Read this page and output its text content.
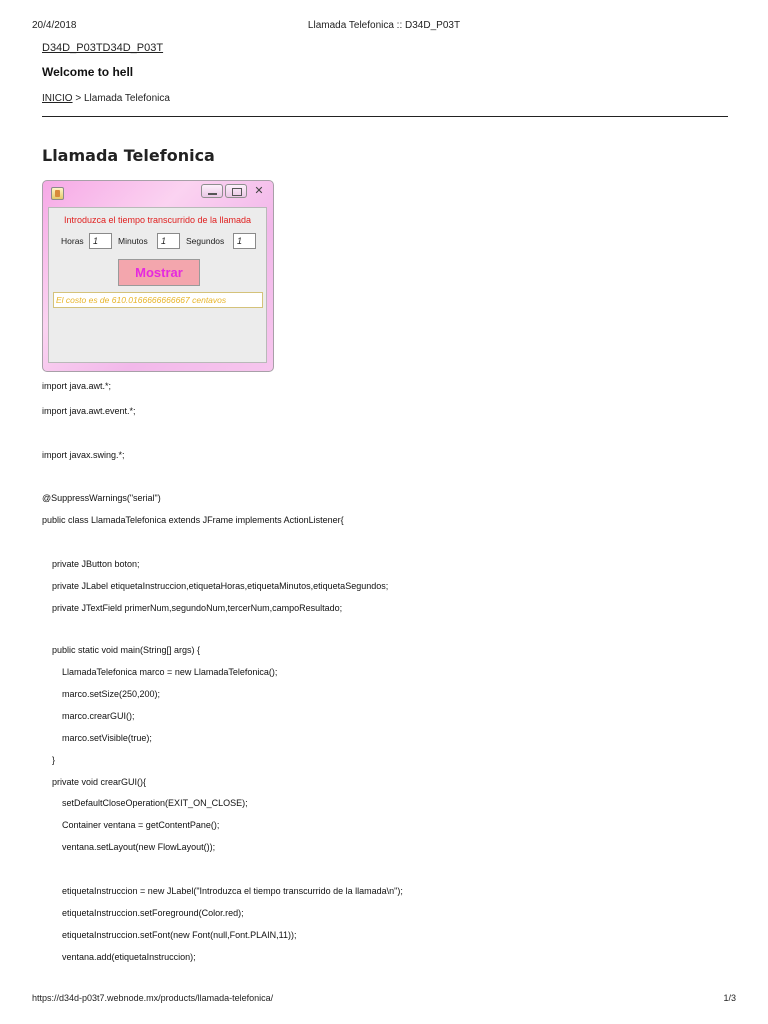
20/4/2018	Llamada Telefonica :: D34D_P03T
D34D_P03TD34D_P03T
Welcome to hell
INICIO > Llamada Telefonica
Llamada Telefonica
✕
Introduzca el tiempo transcurrido de la llamada
Horas	1	Minutos	1	Segundos	1
Mostrar
El costo es de 610.0166666666667 centavos
import java.awt.*;
import java.awt.event.*;
import javax.swing.*;
@SuppressWarnings("serial")
public class LlamadaTelefonica extends JFrame implements ActionListener{
private JButton boton;
private JLabel etiquetaInstruccion,etiquetaHoras,etiquetaMinutos,etiquetaSegundos;
private JTextField primerNum,segundoNum,tercerNum,campoResultado;
public static void main(String[] args) {
LlamadaTelefonica marco = new LlamadaTelefonica();
marco.setSize(250,200);
marco.crearGUI();
marco.setVisible(true);
}
private void crearGUI(){
setDefaultCloseOperation(EXIT_ON_CLOSE);
Container ventana = getContentPane();
ventana.setLayout(new FlowLayout());
etiquetaInstruccion = new JLabel("Introduzca el tiempo transcurrido de la llamada\n");
etiquetaInstruccion.setForeground(Color.red);
etiquetaInstruccion.setFont(new Font(null,Font.PLAIN,11));
ventana.add(etiquetaInstruccion);
https://d34d-p03t7.webnode.mx/products/llamada-telefonica/	1/3
